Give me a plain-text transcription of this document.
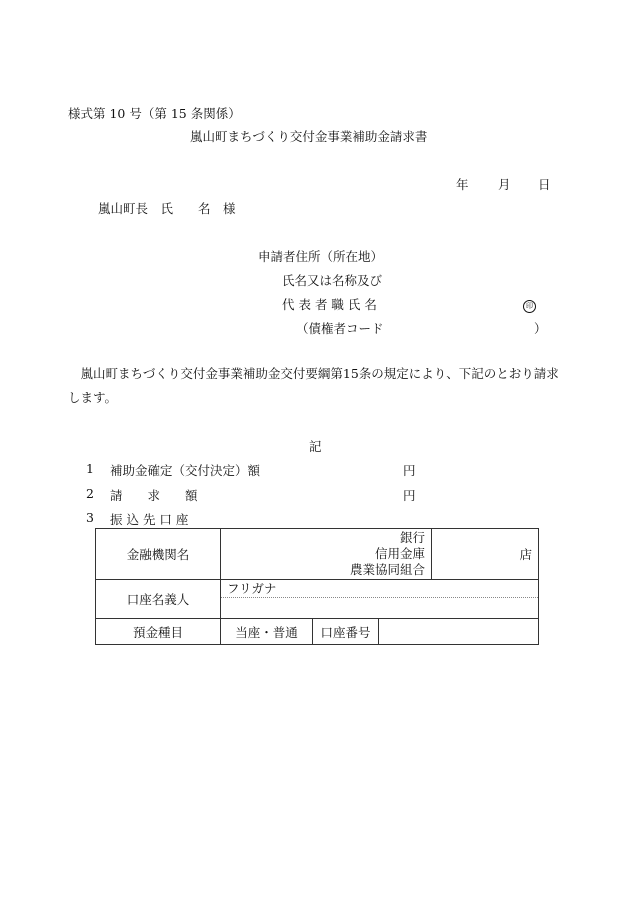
様式第 10 号（第 15 条関係）
嵐山町まちづくり交付金事業補助金請求書
年 月 日
嵐山町長　氏　　名　様
申請者住所（所在地）
氏名又は名称及び
代 表 者 職 氏 名	印
（債権者コード	）
嵐山町まちづくり交付金事業補助金交付要綱第15条の規定により、下記のとおり請求します。
記
1 補助金確定（交付決定）額	円
2 請　　求　　額	円
3 振 込 先 口 座
金融機関名	銀行
信用金庫
農業協同組合			店
口座名義人	フリガナ			

預金種目	当座・普通	口座番号		
